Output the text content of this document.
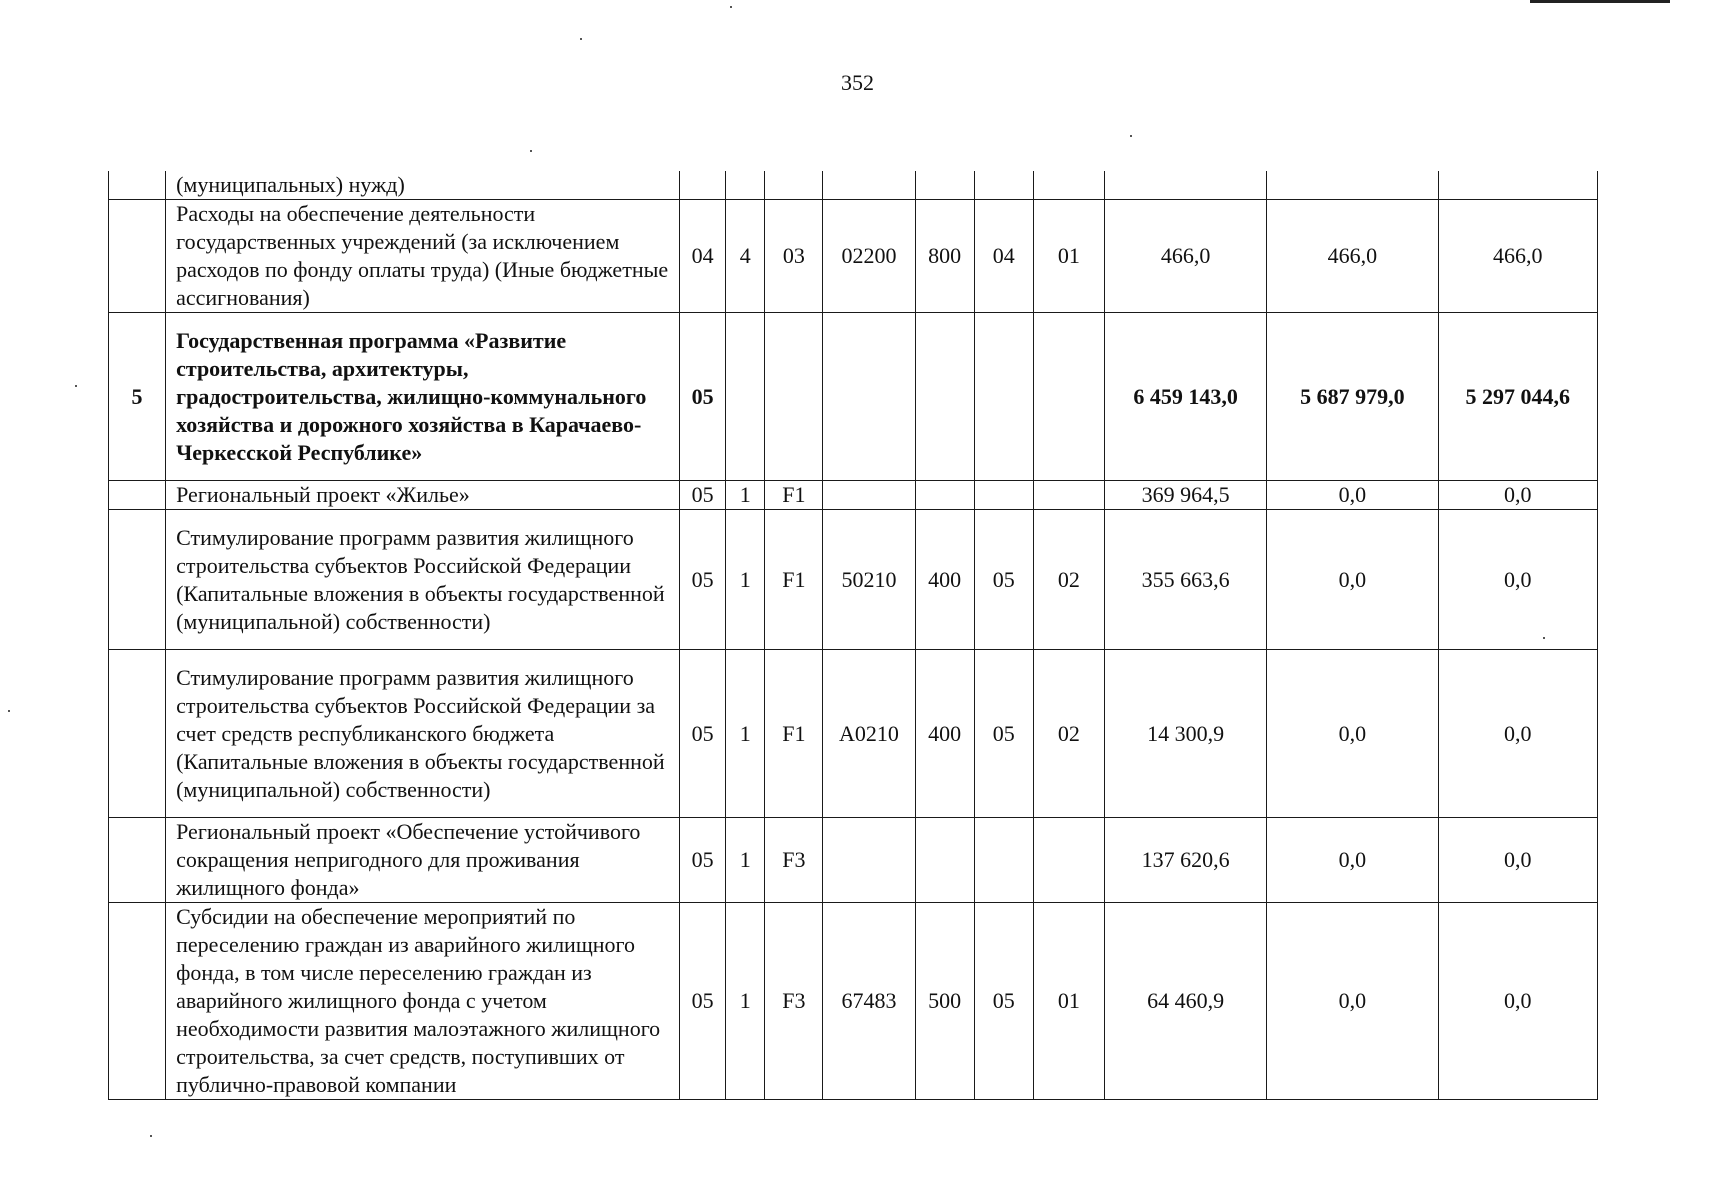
352
	(муниципальных) нужд)										
	Расходы на обеспечение деятельности государственных учреждений (за исключением расходов по фонду оплаты труда) (Иные бюджетные ассигнования)	04	4	03	02200	800	04	01	466,0	466,0	466,0
5	Государственная программа «Развитие строительства, архитектуры, градостроительства, жилищно-коммунального хозяйства и дорожного хозяйства в Карачаево-Черкесской Республике»	05							6 459 143,0	5 687 979,0	5 297 044,6
	Региональный проект «Жилье»	05	1	F1					369 964,5	0,0	0,0
	Стимулирование программ развития жилищного строительства субъектов Российской Федерации (Капитальные вложения в объекты государственной (муниципальной) собственности)	05	1	F1	50210	400	05	02	355 663,6	0,0	0,0
	Стимулирование программ развития жилищного строительства субъектов Российской Федерации за счет средств республиканского бюджета (Капитальные вложения в объекты государственной (муниципальной) собственности)	05	1	F1	A0210	400	05	02	14 300,9	0,0	0,0
	Региональный проект «Обеспечение устойчивого сокращения непригодного для проживания жилищного фонда»	05	1	F3					137 620,6	0,0	0,0
	Субсидии на обеспечение мероприятий по переселению граждан из аварийного жилищного фонда, в том числе переселению граждан из аварийного жилищного фонда с учетом необходимости развития малоэтажного жилищного строительства, за счет средств, поступивших от публично-правовой компании	05	1	F3	67483	500	05	01	64 460,9	0,0	0,0
